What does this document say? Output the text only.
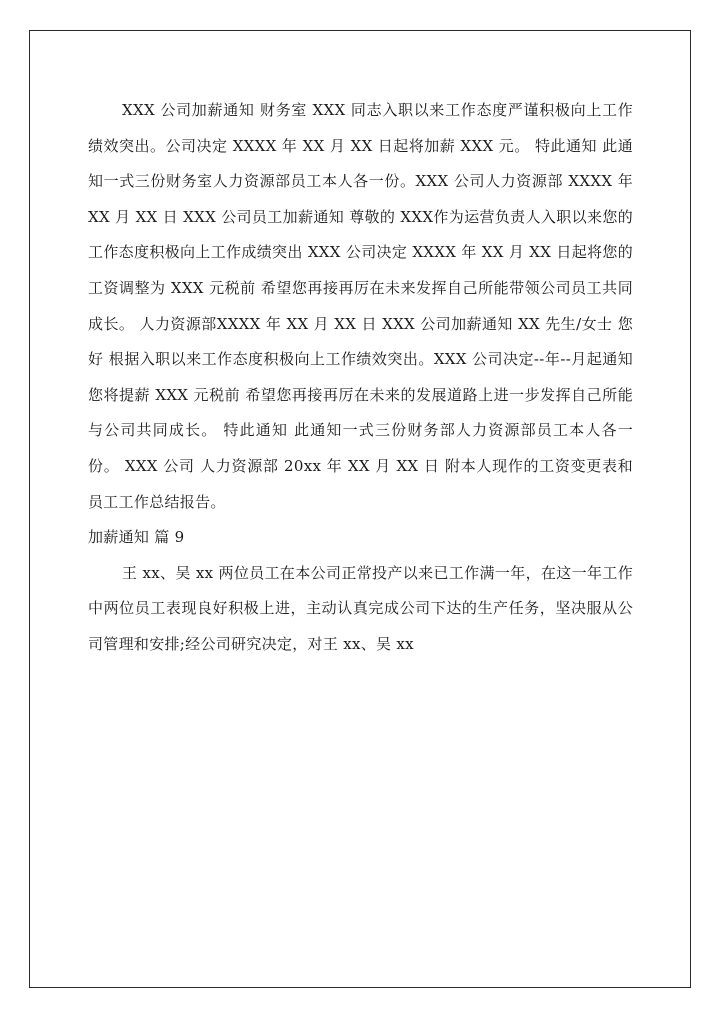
XXX 公司加薪通知 财务室 XXX 同志入职以来工作态度严谨积极向上工作绩效突出。公司决定 XXXX 年 XX 月 XX 日起将加薪 XXX 元。 特此通知 此通知一式三份财务室人力资源部员工本人各一份。XXX 公司人力资源部 XXXX 年 XX 月 XX 日 XXX 公司员工加薪通知 尊敬的 XXX作为运营负责人入职以来您的工作态度积极向上工作成绩突出 XXX 公司决定 XXXX 年 XX 月 XX 日起将您的工资调整为 XXX 元税前 希望您再接再厉在未来发挥自己所能带领公司员工共同成长。 人力资源部XXXX 年 XX 月 XX 日 XXX 公司加薪通知 XX 先生/女士 您好 根据入职以来工作态度积极向上工作绩效突出。XXX 公司决定--年--月起通知您将提薪 XXX 元税前 希望您再接再厉在未来的发展道路上进一步发挥自己所能与公司共同成长。 特此通知 此通知一式三份财务部人力资源部员工本人各一份。 XXX 公司 人力资源部 20xx 年 XX 月 XX 日 附本人现作的工资变更表和员工工作总结报告。

加薪通知 篇 9

王 xx、吴 xx 两位员工在本公司正常投产以来已工作满一年，在这一年工作中两位员工表现良好积极上进，主动认真完成公司下达的生产任务，坚决服从公司管理和安排;经公司研究决定，对王 xx、吴 xx
